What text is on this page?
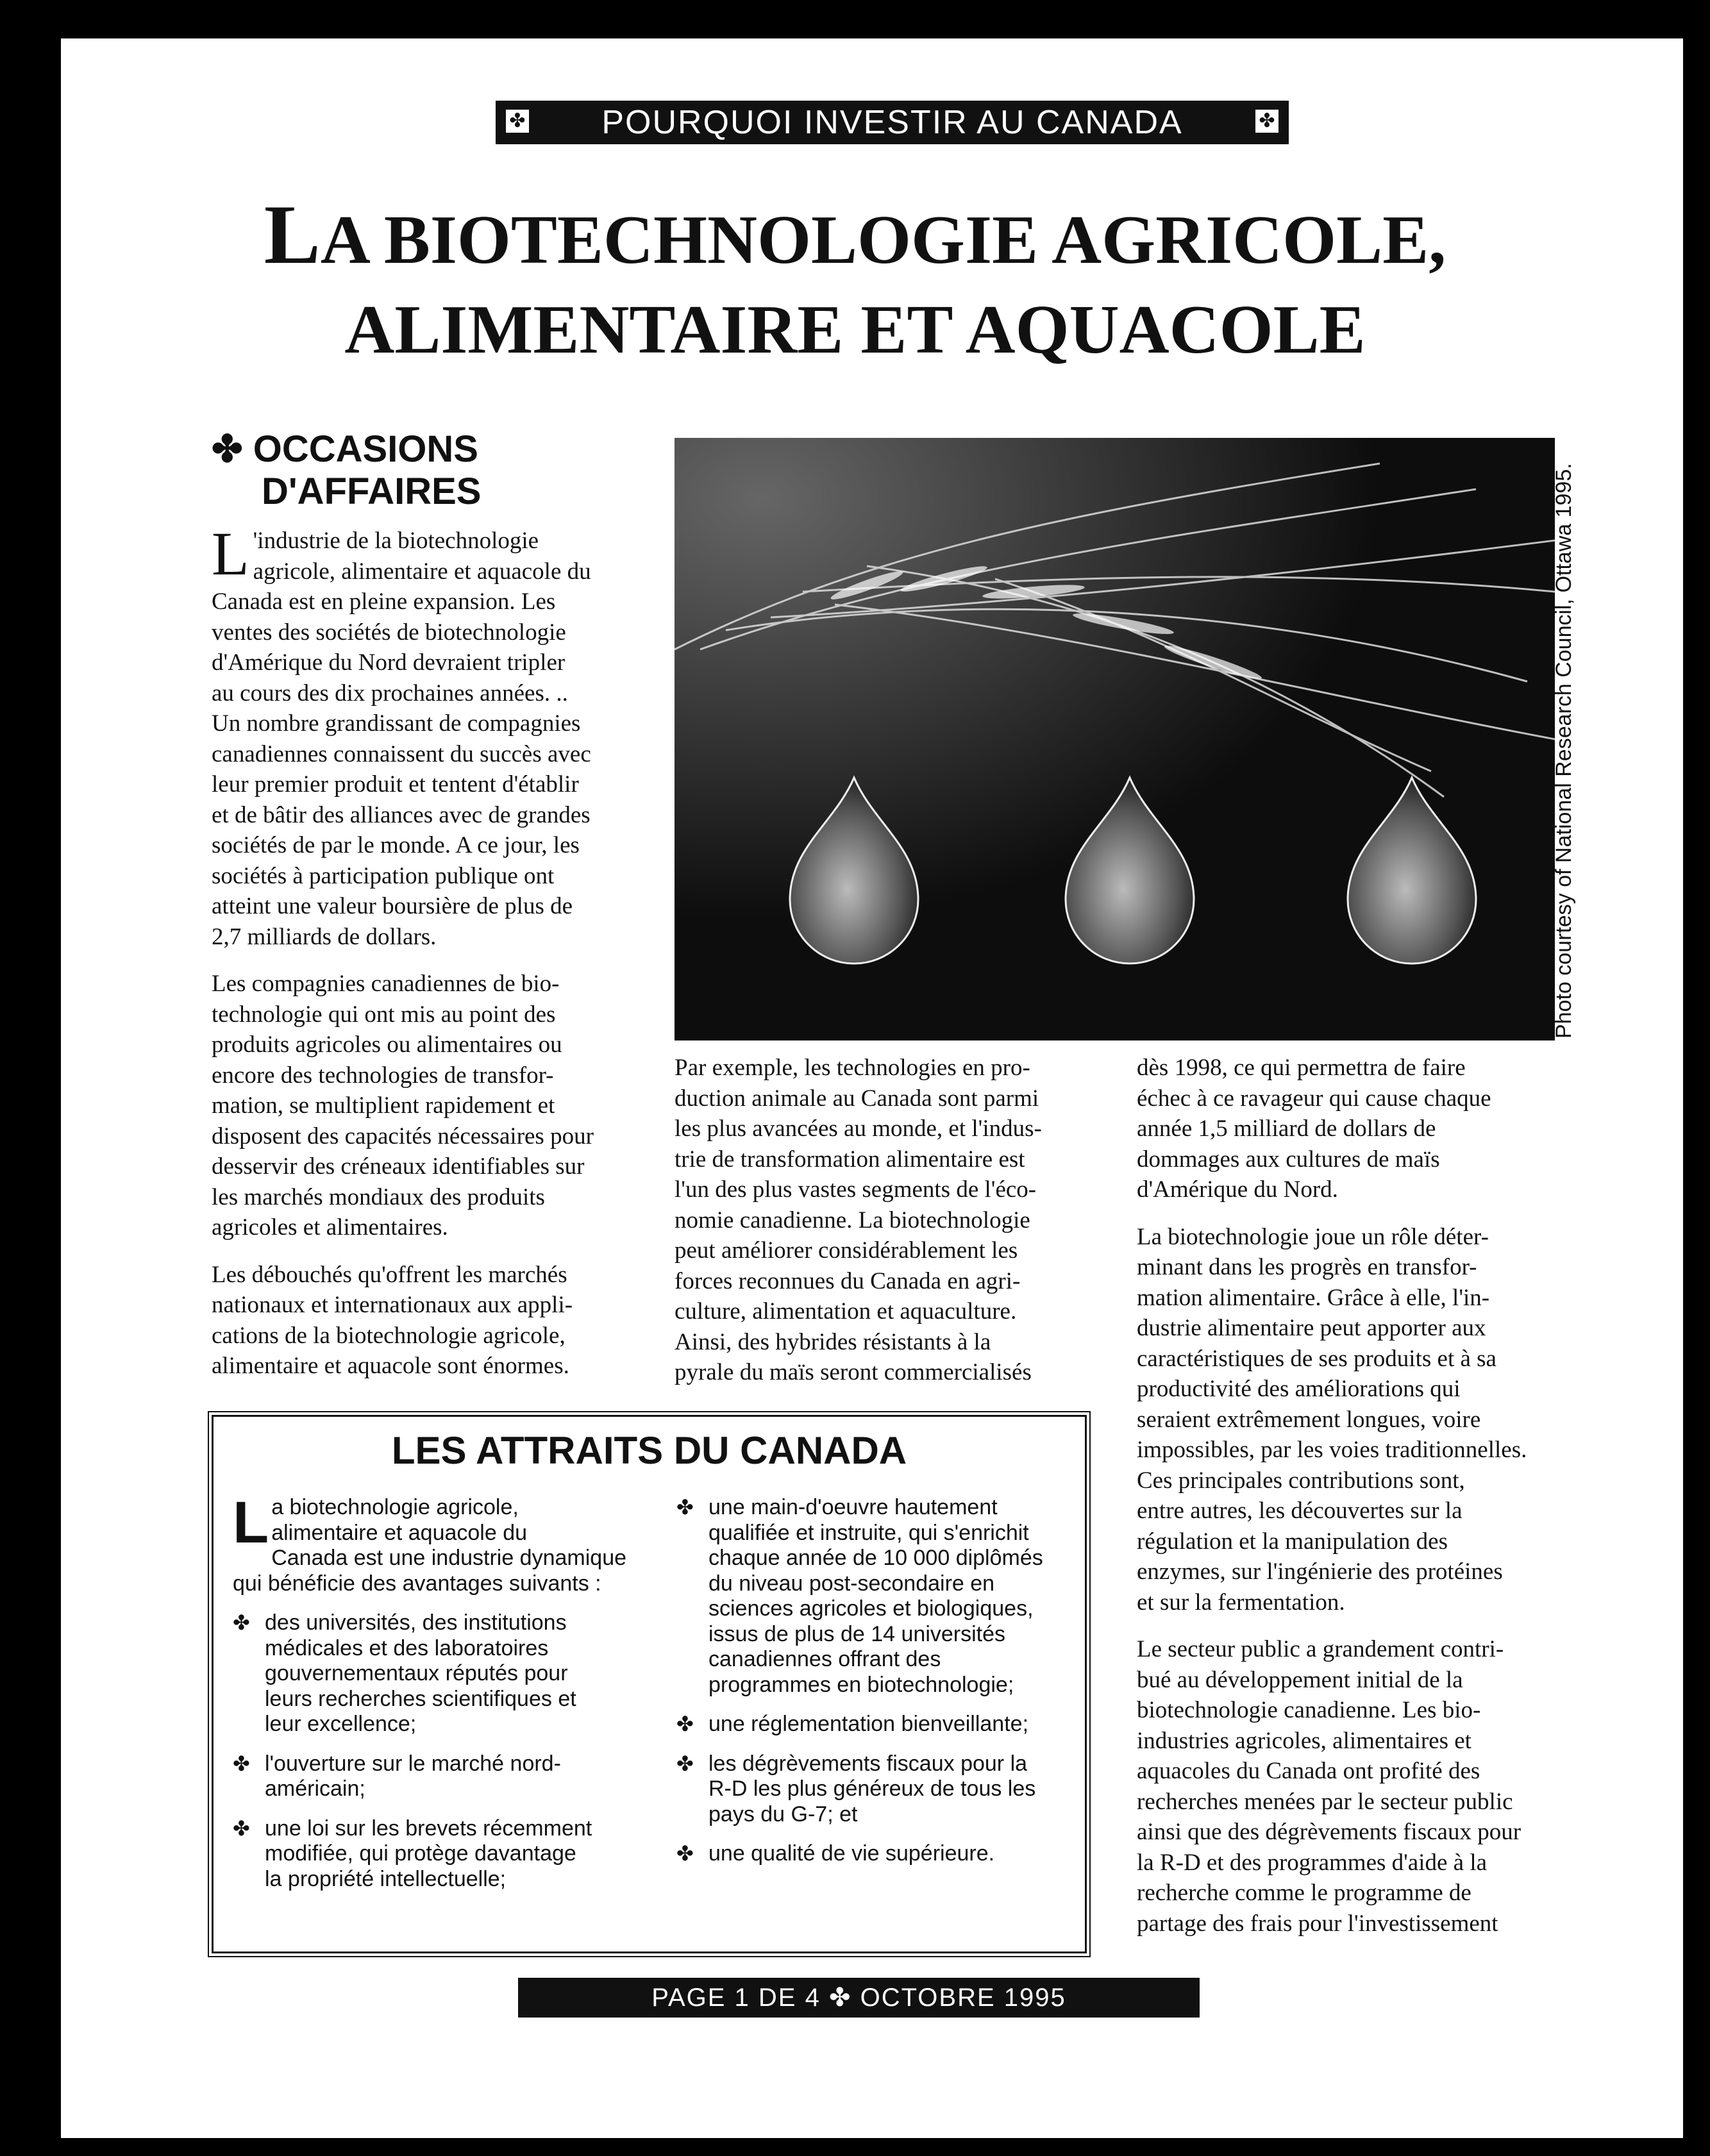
✤ POURQUOI INVESTIR AU CANADA	✤
LA BIOTECHNOLOGIE AGRICOLE,
ALIMENTAIRE ET AQUACOLE
✤ OCCASIONS
D'AFFAIRES

L 'industrie de la biotechnologie
agricole, alimentaire et aquacole du
Canada est en pleine expansion. Les
ventes des sociétés de biotechnologie
d'Amérique du Nord devraient tripler
au cours des dix prochaines années. ..
Un nombre grandissant de compagnies
canadiennes connaissent du succès avec
leur premier produit et tentent d'établir
et de bâtir des alliances avec de grandes
sociétés de par le monde. A ce jour, les
sociétés à participation publique ont
atteint une valeur boursière de plus de
2,7 milliards de dollars.

Les compagnies canadiennes de bio-
technologie qui ont mis au point des
produits agricoles ou alimentaires ou
encore des technologies de transfor-
mation, se multiplient rapidement et
disposent des capacités nécessaires pour
desservir des créneaux identifiables sur
les marchés mondiaux des produits
agricoles et alimentaires.

Les débouchés qu'offrent les marchés
nationaux et internationaux aux appli-
cations de la biotechnologie agricole,
alimentaire et aquacole sont énormes.

Photo courtesy of National Research Council, Ottawa 1995.

Par exemple, les technologies en pro-
duction animale au Canada sont parmi
les plus avancées au monde, et l'indus-
trie de transformation alimentaire est
l'un des plus vastes segments de l'éco-
nomie canadienne. La biotechnologie
peut améliorer considérablement les
forces reconnues du Canada en agri-
culture, alimentation et aquaculture.
Ainsi, des hybrides résistants à la
pyrale du maïs seront commercialisés

dès 1998, ce qui permettra de faire
échec à ce ravageur qui cause chaque
année 1,5 milliard de dollars de
dommages aux cultures de maïs
d'Amérique du Nord.

La biotechnologie joue un rôle déter-
minant dans les progrès en transfor-
mation alimentaire. Grâce à elle, l'in-
dustrie alimentaire peut apporter aux
caractéristiques de ses produits et à sa
productivité des améliorations qui
seraient extrêmement longues, voire
impossibles, par les voies traditionnelles.
Ces principales contributions sont,
entre autres, les découvertes sur la
régulation et la manipulation des
enzymes, sur l'ingénierie des protéines
et sur la fermentation.

Le secteur public a grandement contri-
bué au développement initial de la
biotechnologie canadienne. Les bio-
industries agricoles, alimentaires et
aquacoles du Canada ont profité des
recherches menées par le secteur public
ainsi que des dégrèvements fiscaux pour
la R-D et des programmes d'aide à la
recherche comme le programme de
partage des frais pour l'investissement

LES ATTRAITS DU CANADA

La biotechnologie agricole,
alimentaire et aquacole du
Canada est une industrie dynamique
qui bénéficie des avantages suivants :

✤ des universités, des institutions
médicales et des laboratoires
gouvernementaux réputés pour
leurs recherches scientifiques et
leur excellence;
✤ l'ouverture sur le marché nord-
américain;
✤ une loi sur les brevets récemment
modifiée, qui protège davantage
la propriété intellectuelle;
✤ une main-d'oeuvre hautement
qualifiée et instruite, qui s'enrichit
chaque année de 10 000 diplômés
du niveau post-secondaire en
sciences agricoles et biologiques,
issus de plus de 14 universités
canadiennes offrant des
programmes en biotechnologie;
✤ une réglementation bienveillante;
✤ les dégrèvements fiscaux pour la
R-D les plus généreux de tous les
pays du G-7; et
✤ une qualité de vie supérieure.
PAGE 1 DE 4 ✤ OCTOBRE 1995
